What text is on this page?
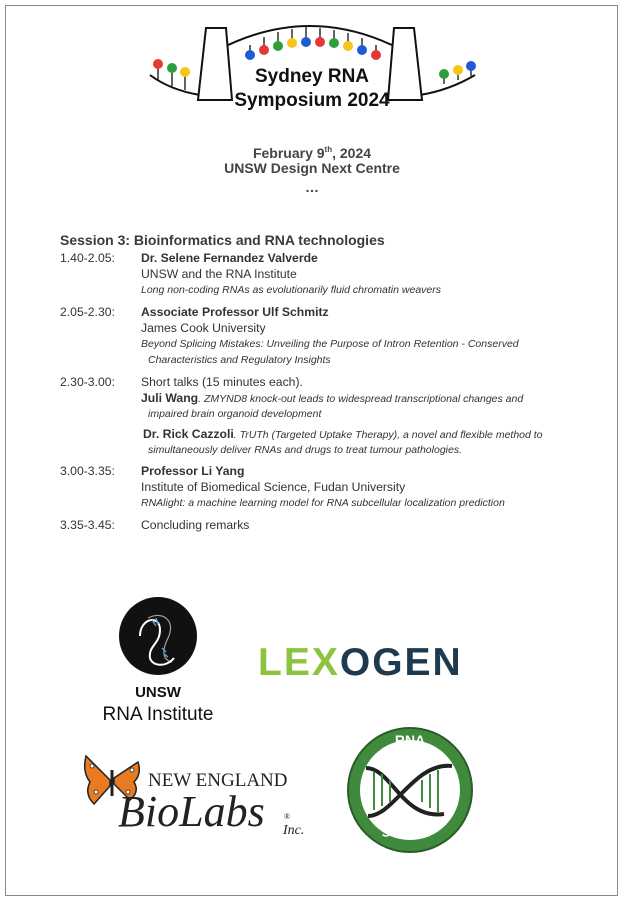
Sydney RNA
Symposium 2024
February 9th, 2024
UNSW Design Next Centre
…
Session 3: Bioinformatics and RNA technologies
1.40-2.05:	Dr. Selene Fernandez Valverde
UNSW and the RNA Institute
Long non-coding RNAs as evolutionarily fluid chromatin weavers
2.05-2.30:	Associate Professor Ulf Schmitz
James Cook University
Beyond Splicing Mistakes: Unveiling the Purpose of Intron Retention - Conserved
Characteristics and Regulatory Insights
2.30-3.00:	Short talks (15 minutes each).
Juli Wang. ZMYND8 knock-out leads to widespread transcriptional changes and
impaired brain organoid development
Dr. Rick Cazzoli. TrUTh (Targeted Uptake Therapy), a novel and flexible method to
simultaneously deliver RNAs and drugs to treat tumour pathologies.
3.00-3.35:	Professor Li Yang
Institute of Biomedical Science, Fudan University
RNAlight: a machine learning model for RNA subcellular localization prediction
3.35-3.45:	Concluding remarks
UNSW
RNA Institute
LEXOGEN
NEW ENGLAND
BioLabs ®
Inc.
RNA
SOCIETY
